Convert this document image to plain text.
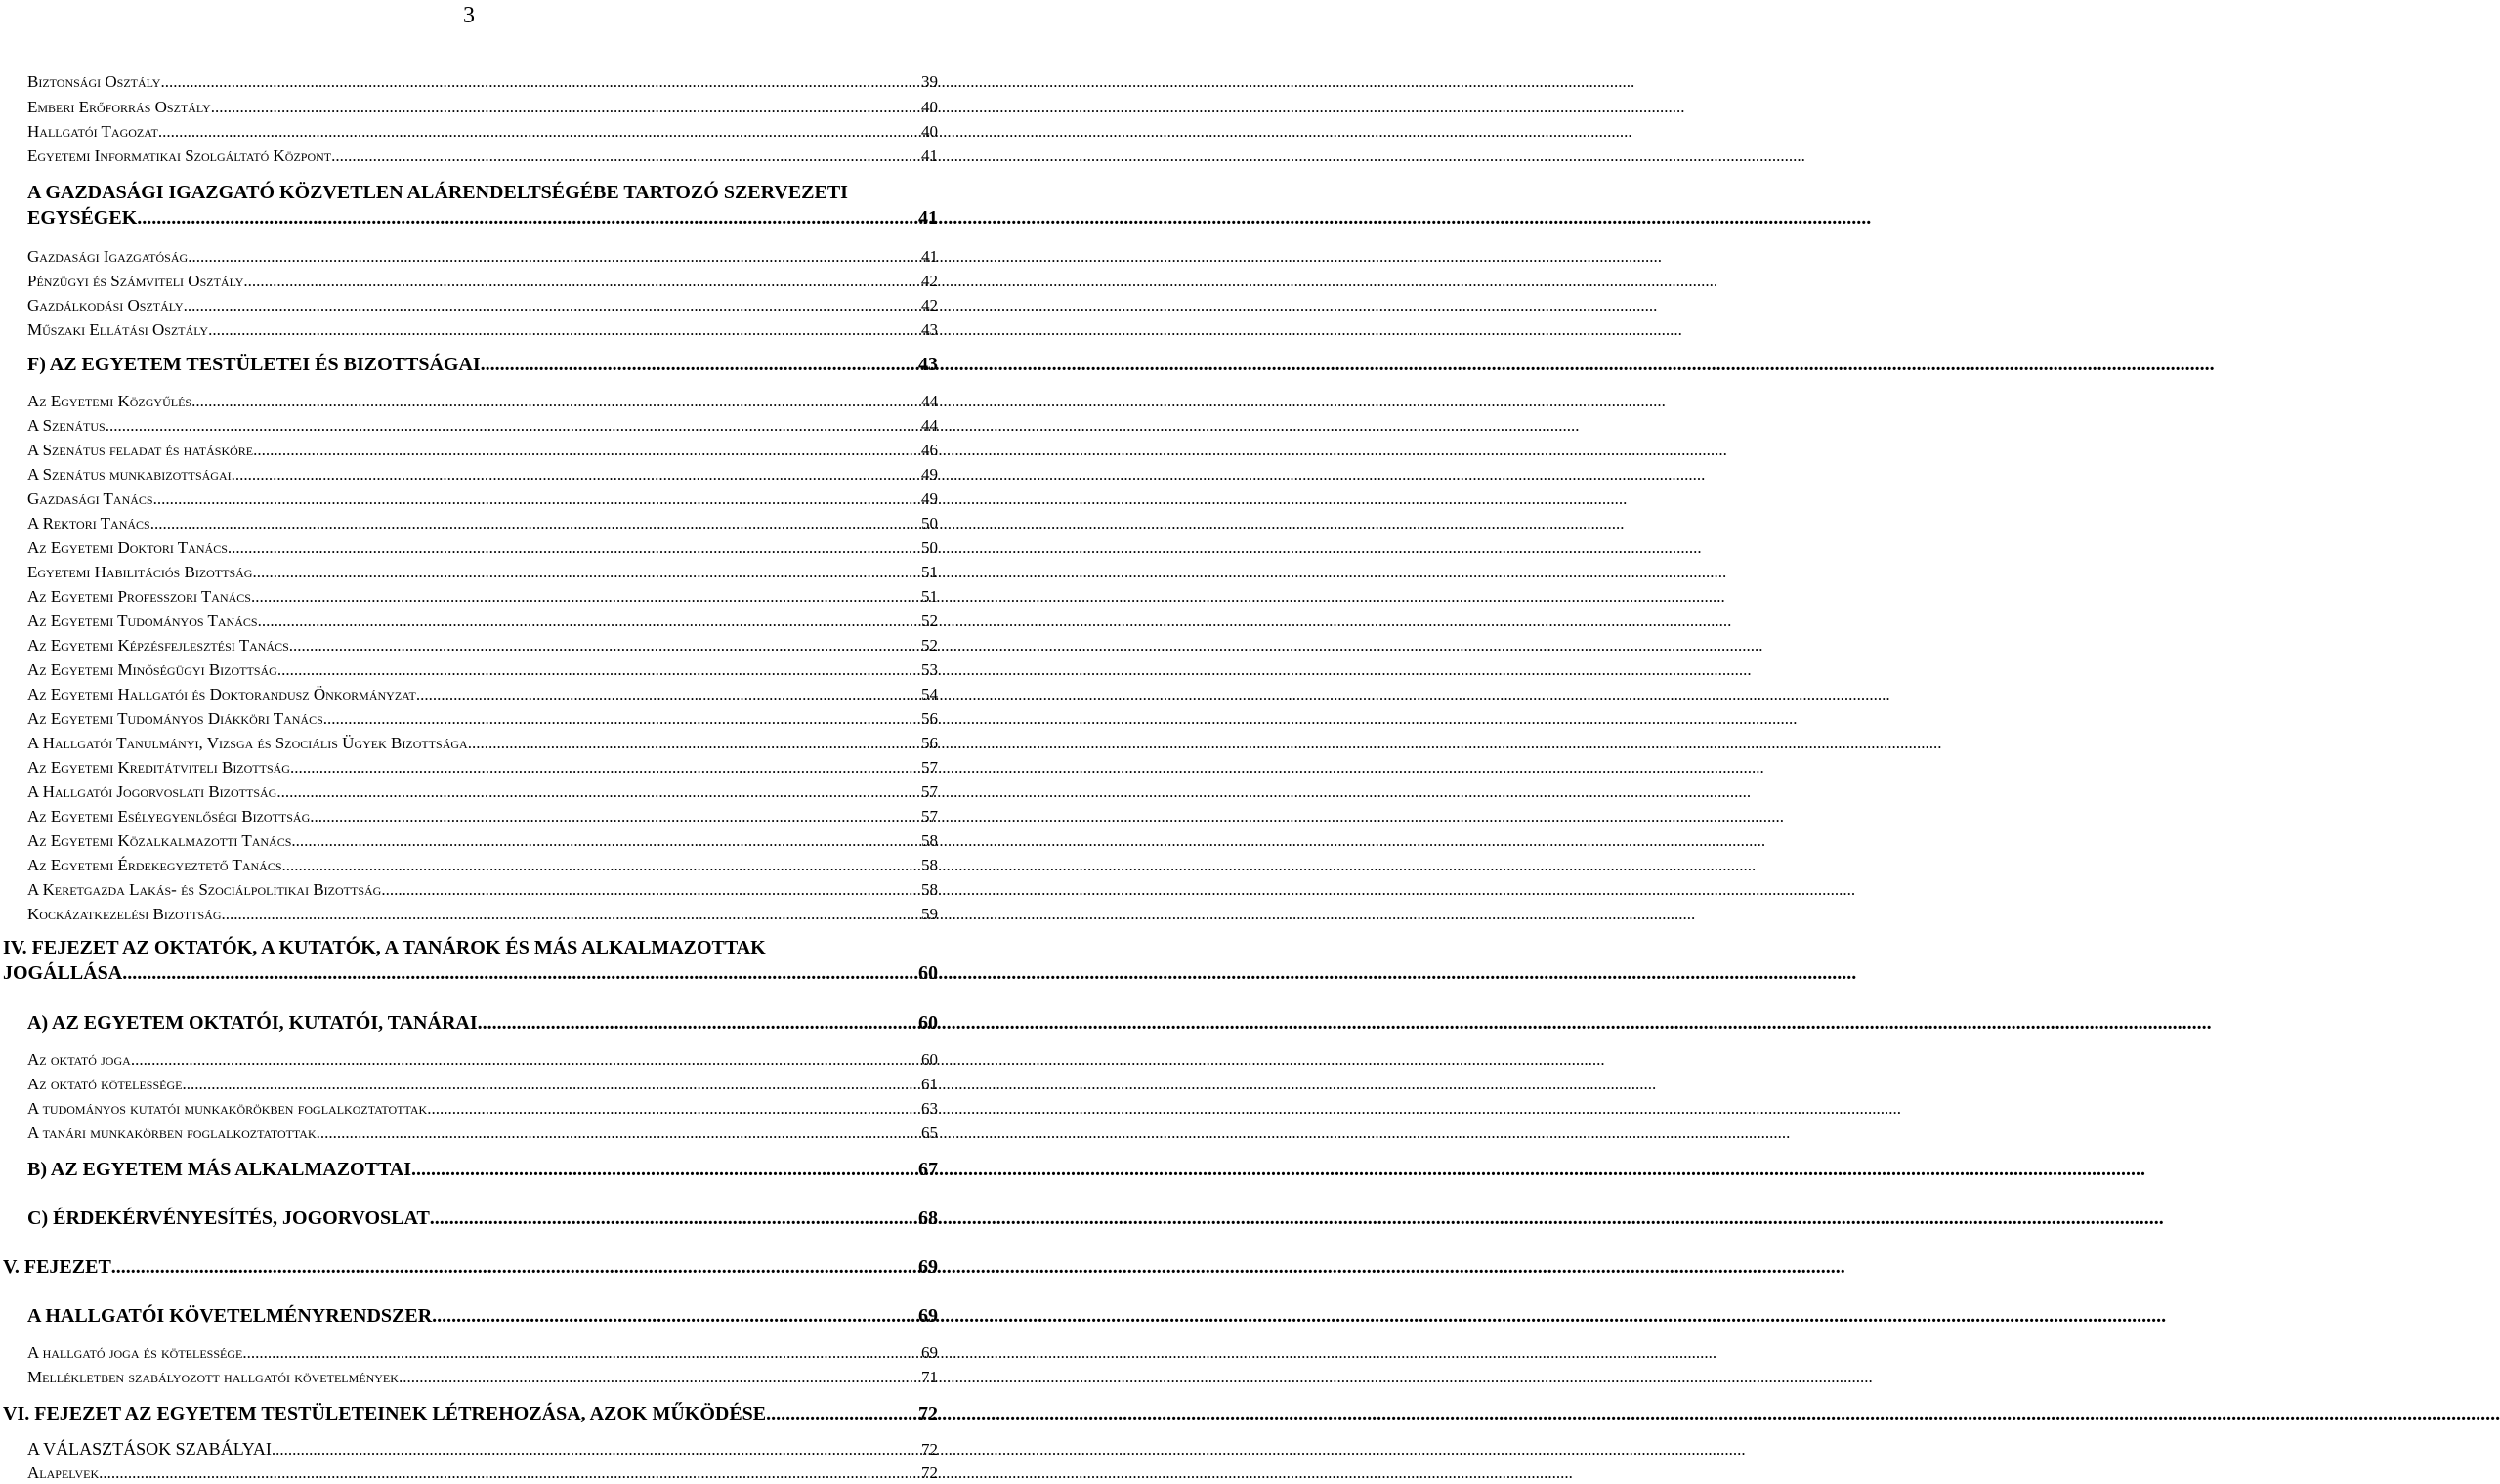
3
Biztonsági Osztály .....	39
Emberi Erőforrás Osztály .....	40
Hallgatói Tagozat .....	40
Egyetemi Informatikai Szolgáltató Központ .....	41
A GAZDASÁGI IGAZGATÓ KÖZVETLEN ALÁRENDELTSÉGÉBE TARTOZÓ SZERVEZETI
EGYSÉGEK .....	41
Gazdasági Igazgatóság .....	41
Pénzügyi és Számviteli Osztály .....	42
Gazdálkodási Osztály .....	42
Műszaki Ellátási Osztály .....	43
F) AZ EGYETEM TESTÜLETEI ÉS BIZOTTSÁGAI .....	43
Az Egyetemi Közgyűlés .....	44
A Szenátus .....	44
A Szenátus feladat és hatásköre .....	46
A Szenátus munkabizottságai .....	49
Gazdasági Tanács .....	49
A Rektori Tanács .....	50
Az Egyetemi Doktori Tanács .....	50
Egyetemi Habilitációs Bizottság .....	51
Az Egyetemi Professzori Tanács .....	51
Az Egyetemi Tudományos Tanács .....	52
Az Egyetemi Képzésfejlesztési Tanács .....	52
Az Egyetemi Minőségügyi Bizottság .....	53
Az Egyetemi Hallgatói és Doktorandusz Önkormányzat .....	54
Az Egyetemi Tudományos Diákköri Tanács .....	56
A Hallgatói Tanulmányi, Vizsga és Szociális Ügyek Bizottsága .....	56
Az Egyetemi Kreditátviteli Bizottság .....	57
A Hallgatói Jogorvoslati Bizottság .....	57
Az Egyetemi Esélyegyenlőségi Bizottság .....	57
Az Egyetemi Közalkalmazotti Tanács .....	58
Az Egyetemi Érdekegyeztető Tanács .....	58
A Keretgazda Lakás- és Szociálpolitikai Bizottság .....	58
Kockázatkezelési Bizottság .....	59
IV. FEJEZET AZ OKTATÓK, A KUTATÓK, A TANÁROK ÉS MÁS ALKALMAZOTTAK
JOGÁLLÁSA .....	60
A) AZ EGYETEM OKTATÓI, KUTATÓI, TANÁRAI .....	60
Az oktató joga .....	60
Az oktató kötelessége .....	61
A tudományos kutatói munkakörökben foglalkoztatottak .....	63
A tanári munkakörben foglalkoztatottak .....	65
B) AZ EGYETEM MÁS ALKALMAZOTTAI .....	67
C) ÉRDEKÉRVÉNYESÍTÉS, JOGORVOSLAT .....	68
V. FEJEZET .....	69
A HALLGATÓI KÖVETELMÉNYRENDSZER .....	69
A hallgató joga és kötelessége .....	69
Mellékletben szabályozott hallgatói követelmények .....	71
VI. FEJEZET AZ EGYETEM TESTÜLETEINEK LÉTREHOZÁSA, AZOK MŰKÖDÉSE .....	72
A VÁLASZTÁSOK SZABÁLYAI .....	72
Alapelvek .....	72
